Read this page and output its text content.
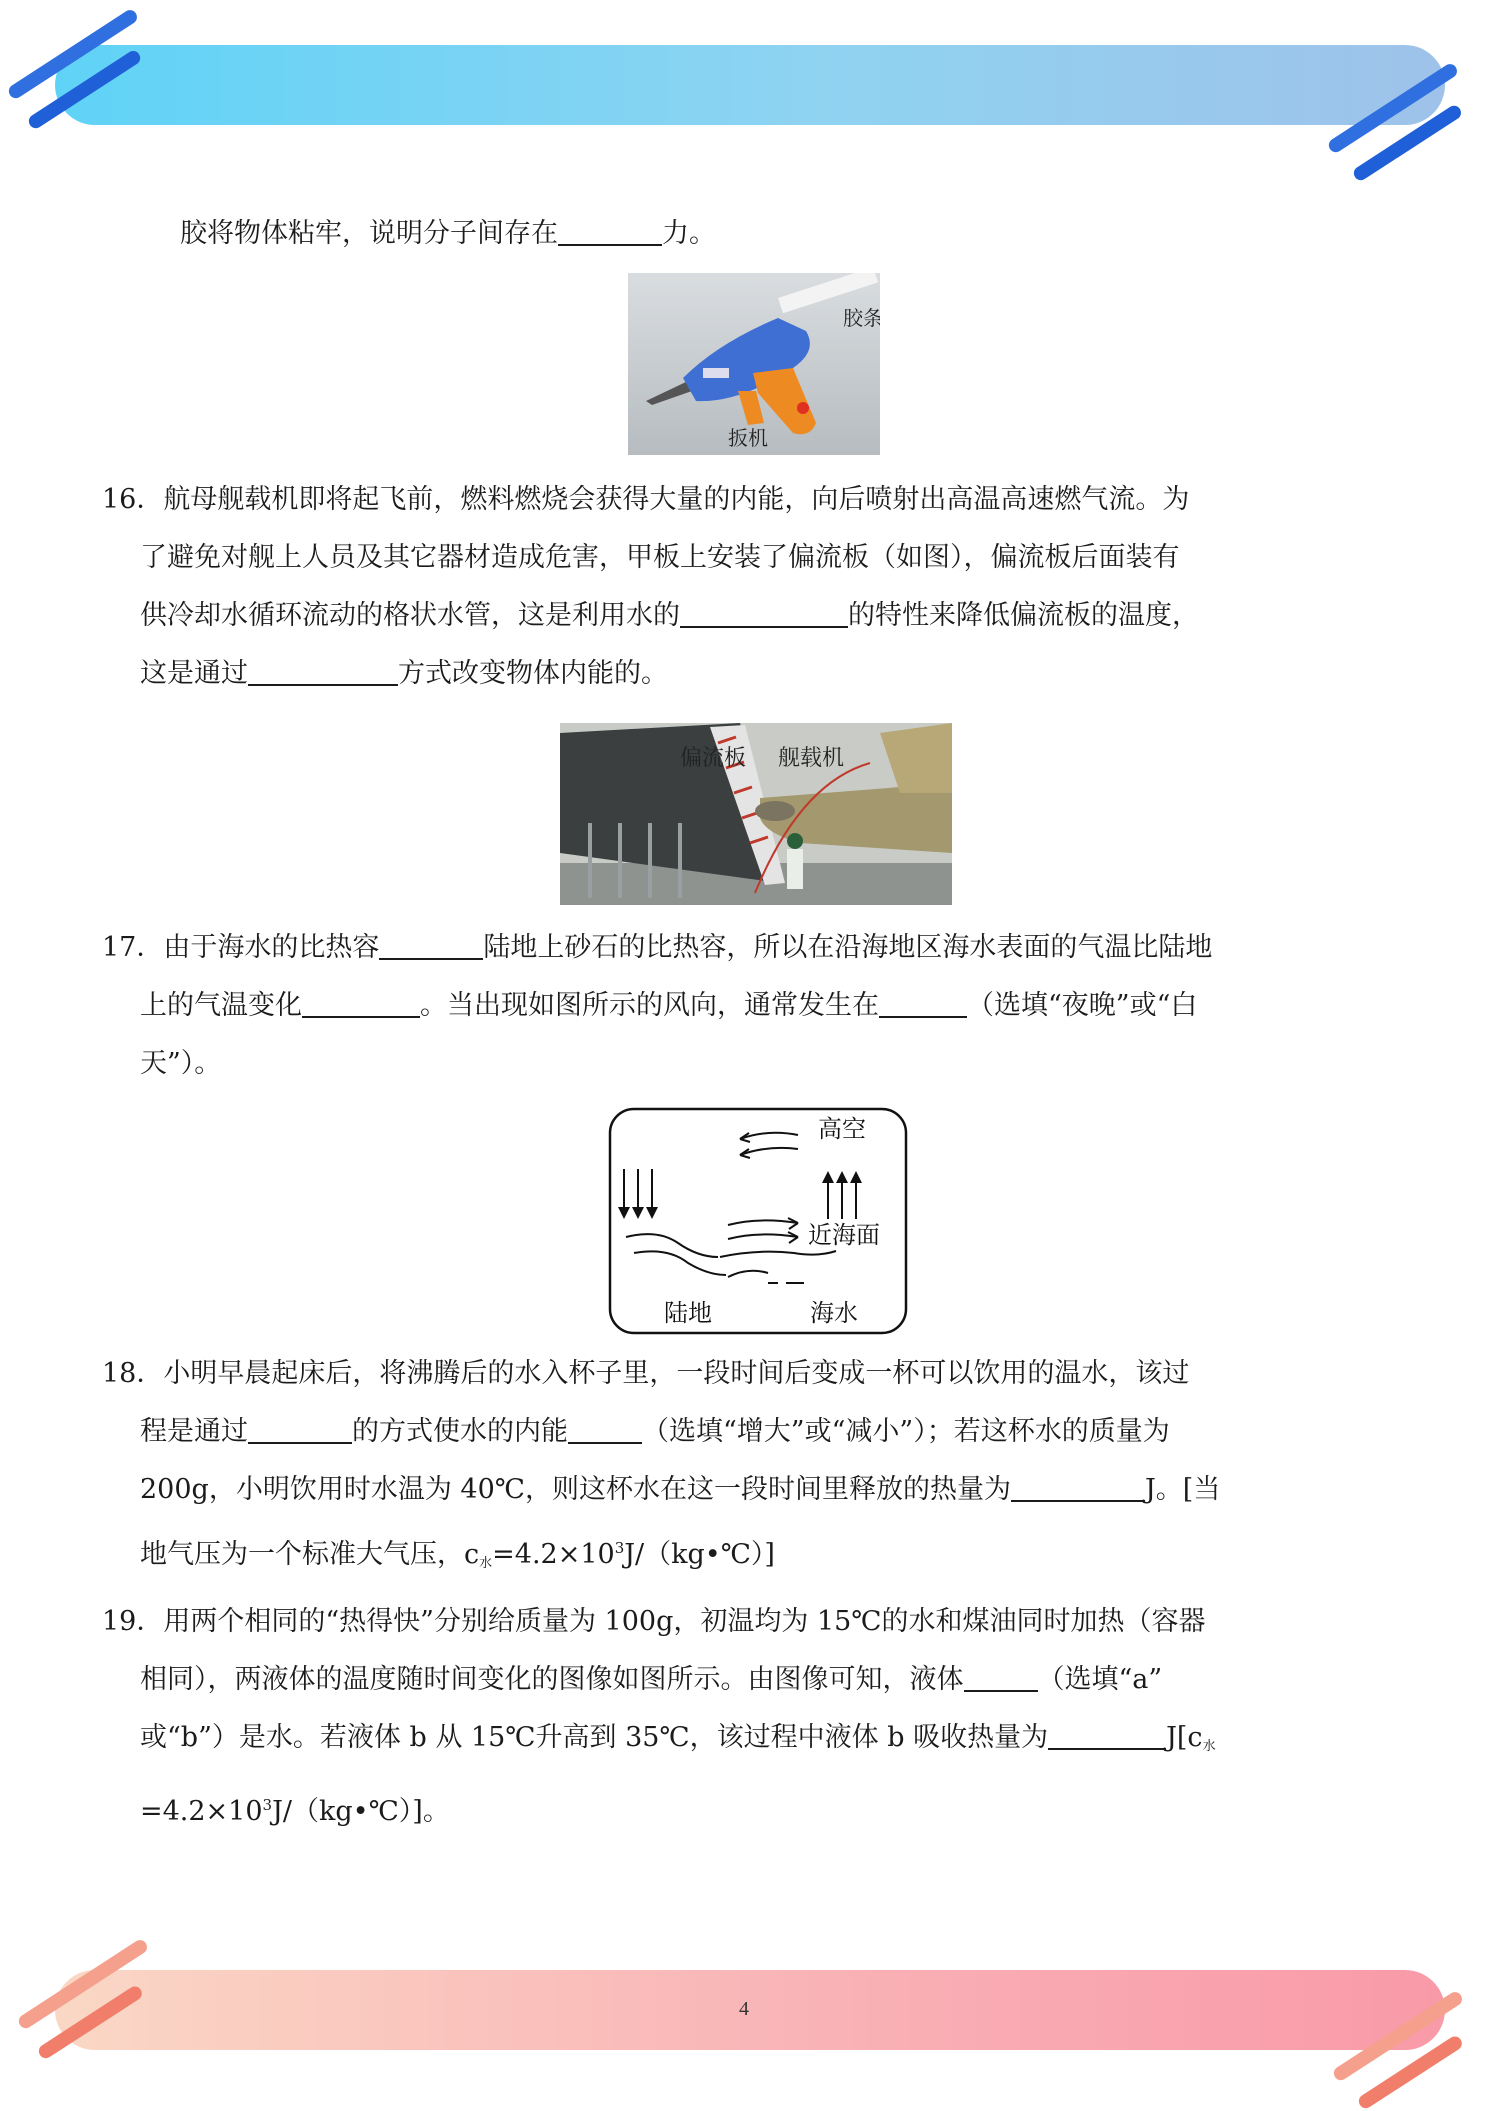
4
胶将物体粘牢，说明分子间存在	力。
胶条
扳机
16．航母舰载机即将起飞前，燃料燃烧会获得大量的内能，向后喷射出高温高速燃气流。为
了避免对舰上人员及其它器材造成危害，甲板上安装了偏流板（如图），偏流板后面装有
供冷却水循环流动的格状水管，这是利用水的	的特性来降低偏流板的温度，
这是通过	方式改变物体内能的。
偏流板 舰载机
17．由于海水的比热容	陆地上砂石的比热容，所以在沿海地区海水表面的气温比陆地
上的气温变化	。当出现如图所示的风向，通常发生在	（选填“夜晚”或“白
天”）。
高空
近海面
陆地	海水
18．小明早晨起床后，将沸腾后的水入杯子里，一段时间后变成一杯可以饮用的温水，该过
程是通过	的方式使水的内能	（选填“增大”或“减小”）；若这杯水的质量为
200g，小明饮用时水温为 40℃，则这杯水在这一段时间里释放的热量为	J。[当
地气压为一个标准大气压，$c_水=4.2\times 10^3J/(kg•℃)$]
19．用两个相同的“热得快”分别给质量为 100g，初温均为 15℃的水和煤油同时加热（容器
相同），两液体的温度随时间变化的图像如图所示。由图像可知，液体	（选填“a”
或“b”）是水。若液体 b 从 15℃升高到 35℃，该过程中液体 b 吸收热量为	$J[c_水$
$=4.2\times 10^3J/(kg•℃)$]。
